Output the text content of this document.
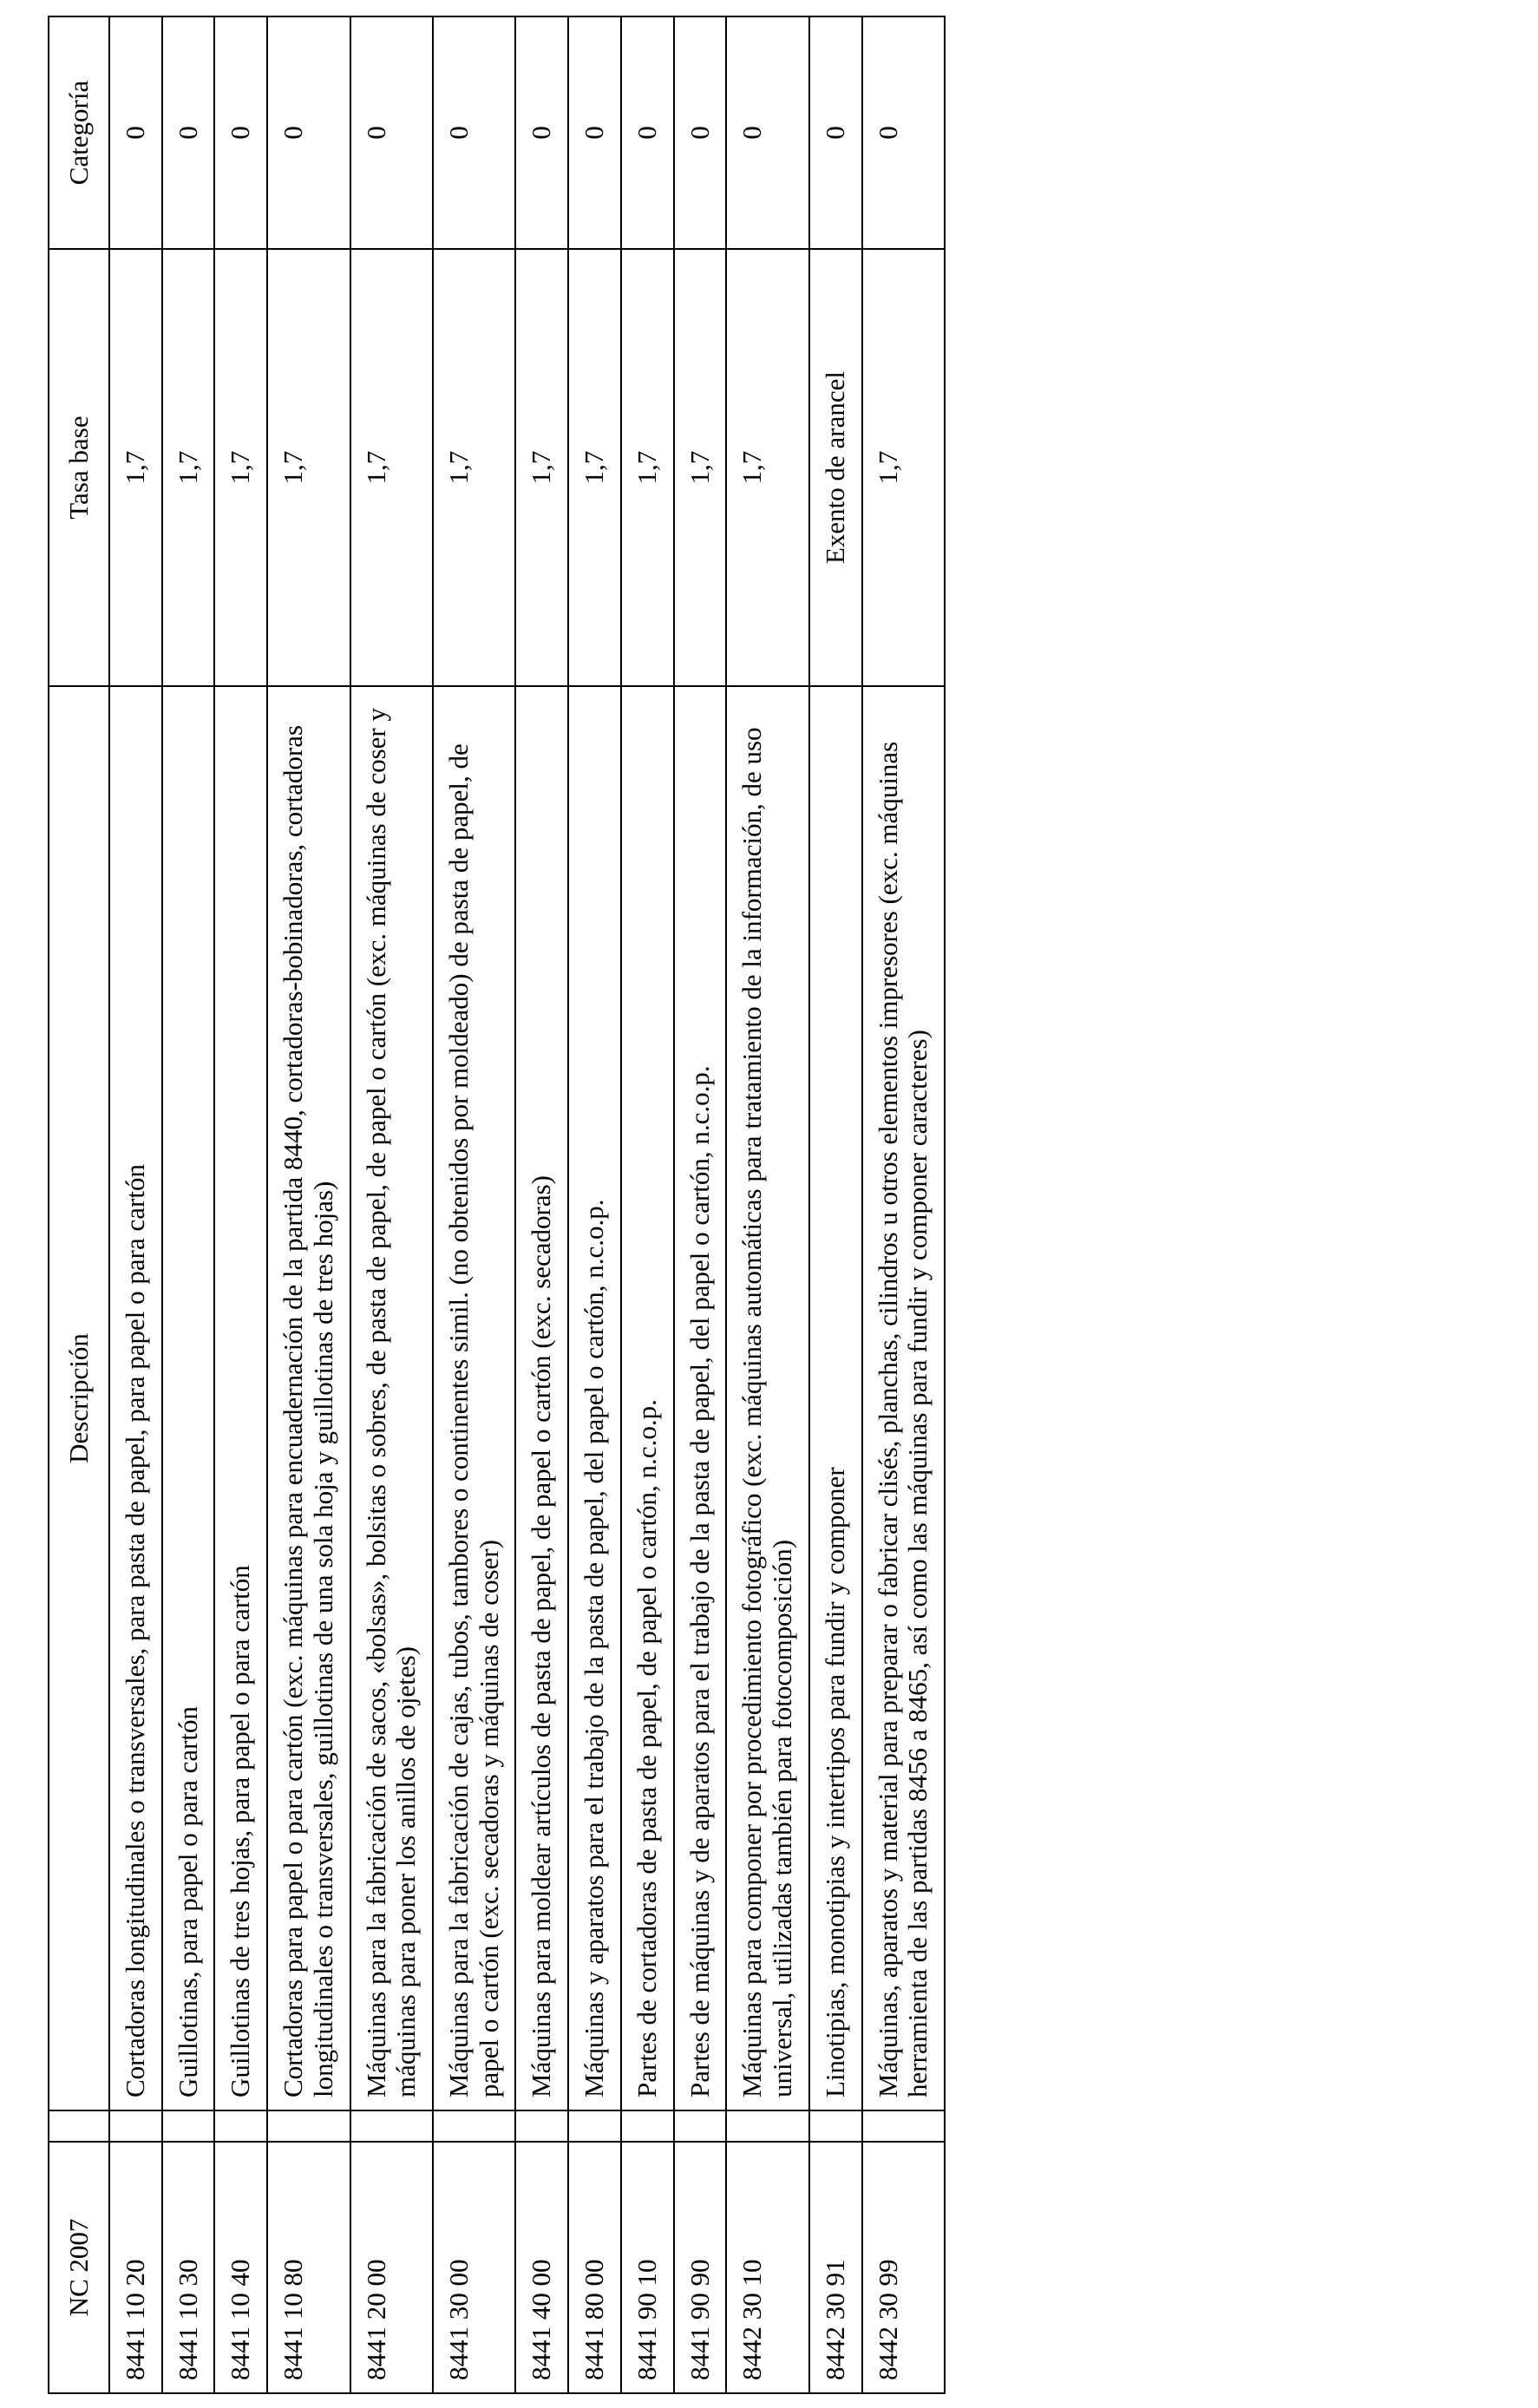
NC 2007		Descripción	Tasa base	Categoría
8441 10 20		Cortadoras longitudinales o transversales, para pasta de papel, para papel o para cartón	1,7	0
8441 10 30		Guillotinas, para papel o para cartón	1,7	0
8441 10 40		Guillotinas de tres hojas, para papel o para cartón	1,7	0
8441 10 80		Cortadoras para papel o para cartón (exc. máquinas para encuadernación de la partida 8440, cortadoras-bobinadoras, cortadoras longitudinales o transversales, guillotinas de una sola hoja y guillotinas de tres hojas)	1,7	0
8441 20 00		Máquinas para la fabricación de sacos, «bolsas», bolsitas o sobres, de pasta de papel, de papel o cartón (exc. máquinas de coser y máquinas para poner los anillos de ojetes)	1,7	0
8441 30 00		Máquinas para la fabricación de cajas, tubos, tambores o continentes simil. (no obtenidos por moldeado) de pasta de papel, de papel o cartón (exc. secadoras y máquinas de coser)	1,7	0
8441 40 00		Máquinas para moldear artículos de pasta de papel, de papel o cartón (exc. secadoras)	1,7	0
8441 80 00		Máquinas y aparatos para el trabajo de la pasta de papel, del papel o cartón, n.c.o.p.	1,7	0
8441 90 10		Partes de cortadoras de pasta de papel, de papel o cartón, n.c.o.p.	1,7	0
8441 90 90		Partes de máquinas y de aparatos para el trabajo de la pasta de papel, del papel o cartón, n.c.o.p.	1,7	0
8442 30 10		Máquinas para componer por procedimiento fotográfico (exc. máquinas automáticas para tratamiento de la información, de uso universal, utilizadas también para fotocomposición)	1,7	0
8442 30 91		Linotipias, monotipias y intertipos para fundir y componer	Exento de arancel	0
8442 30 99		Máquinas, aparatos y material para preparar o fabricar clisés, planchas, cilindros u otros elementos impresores (exc. máquinas herramienta de las partidas 8456 a 8465, así como las máquinas para fundir y componer caracteres)	1,7	0
